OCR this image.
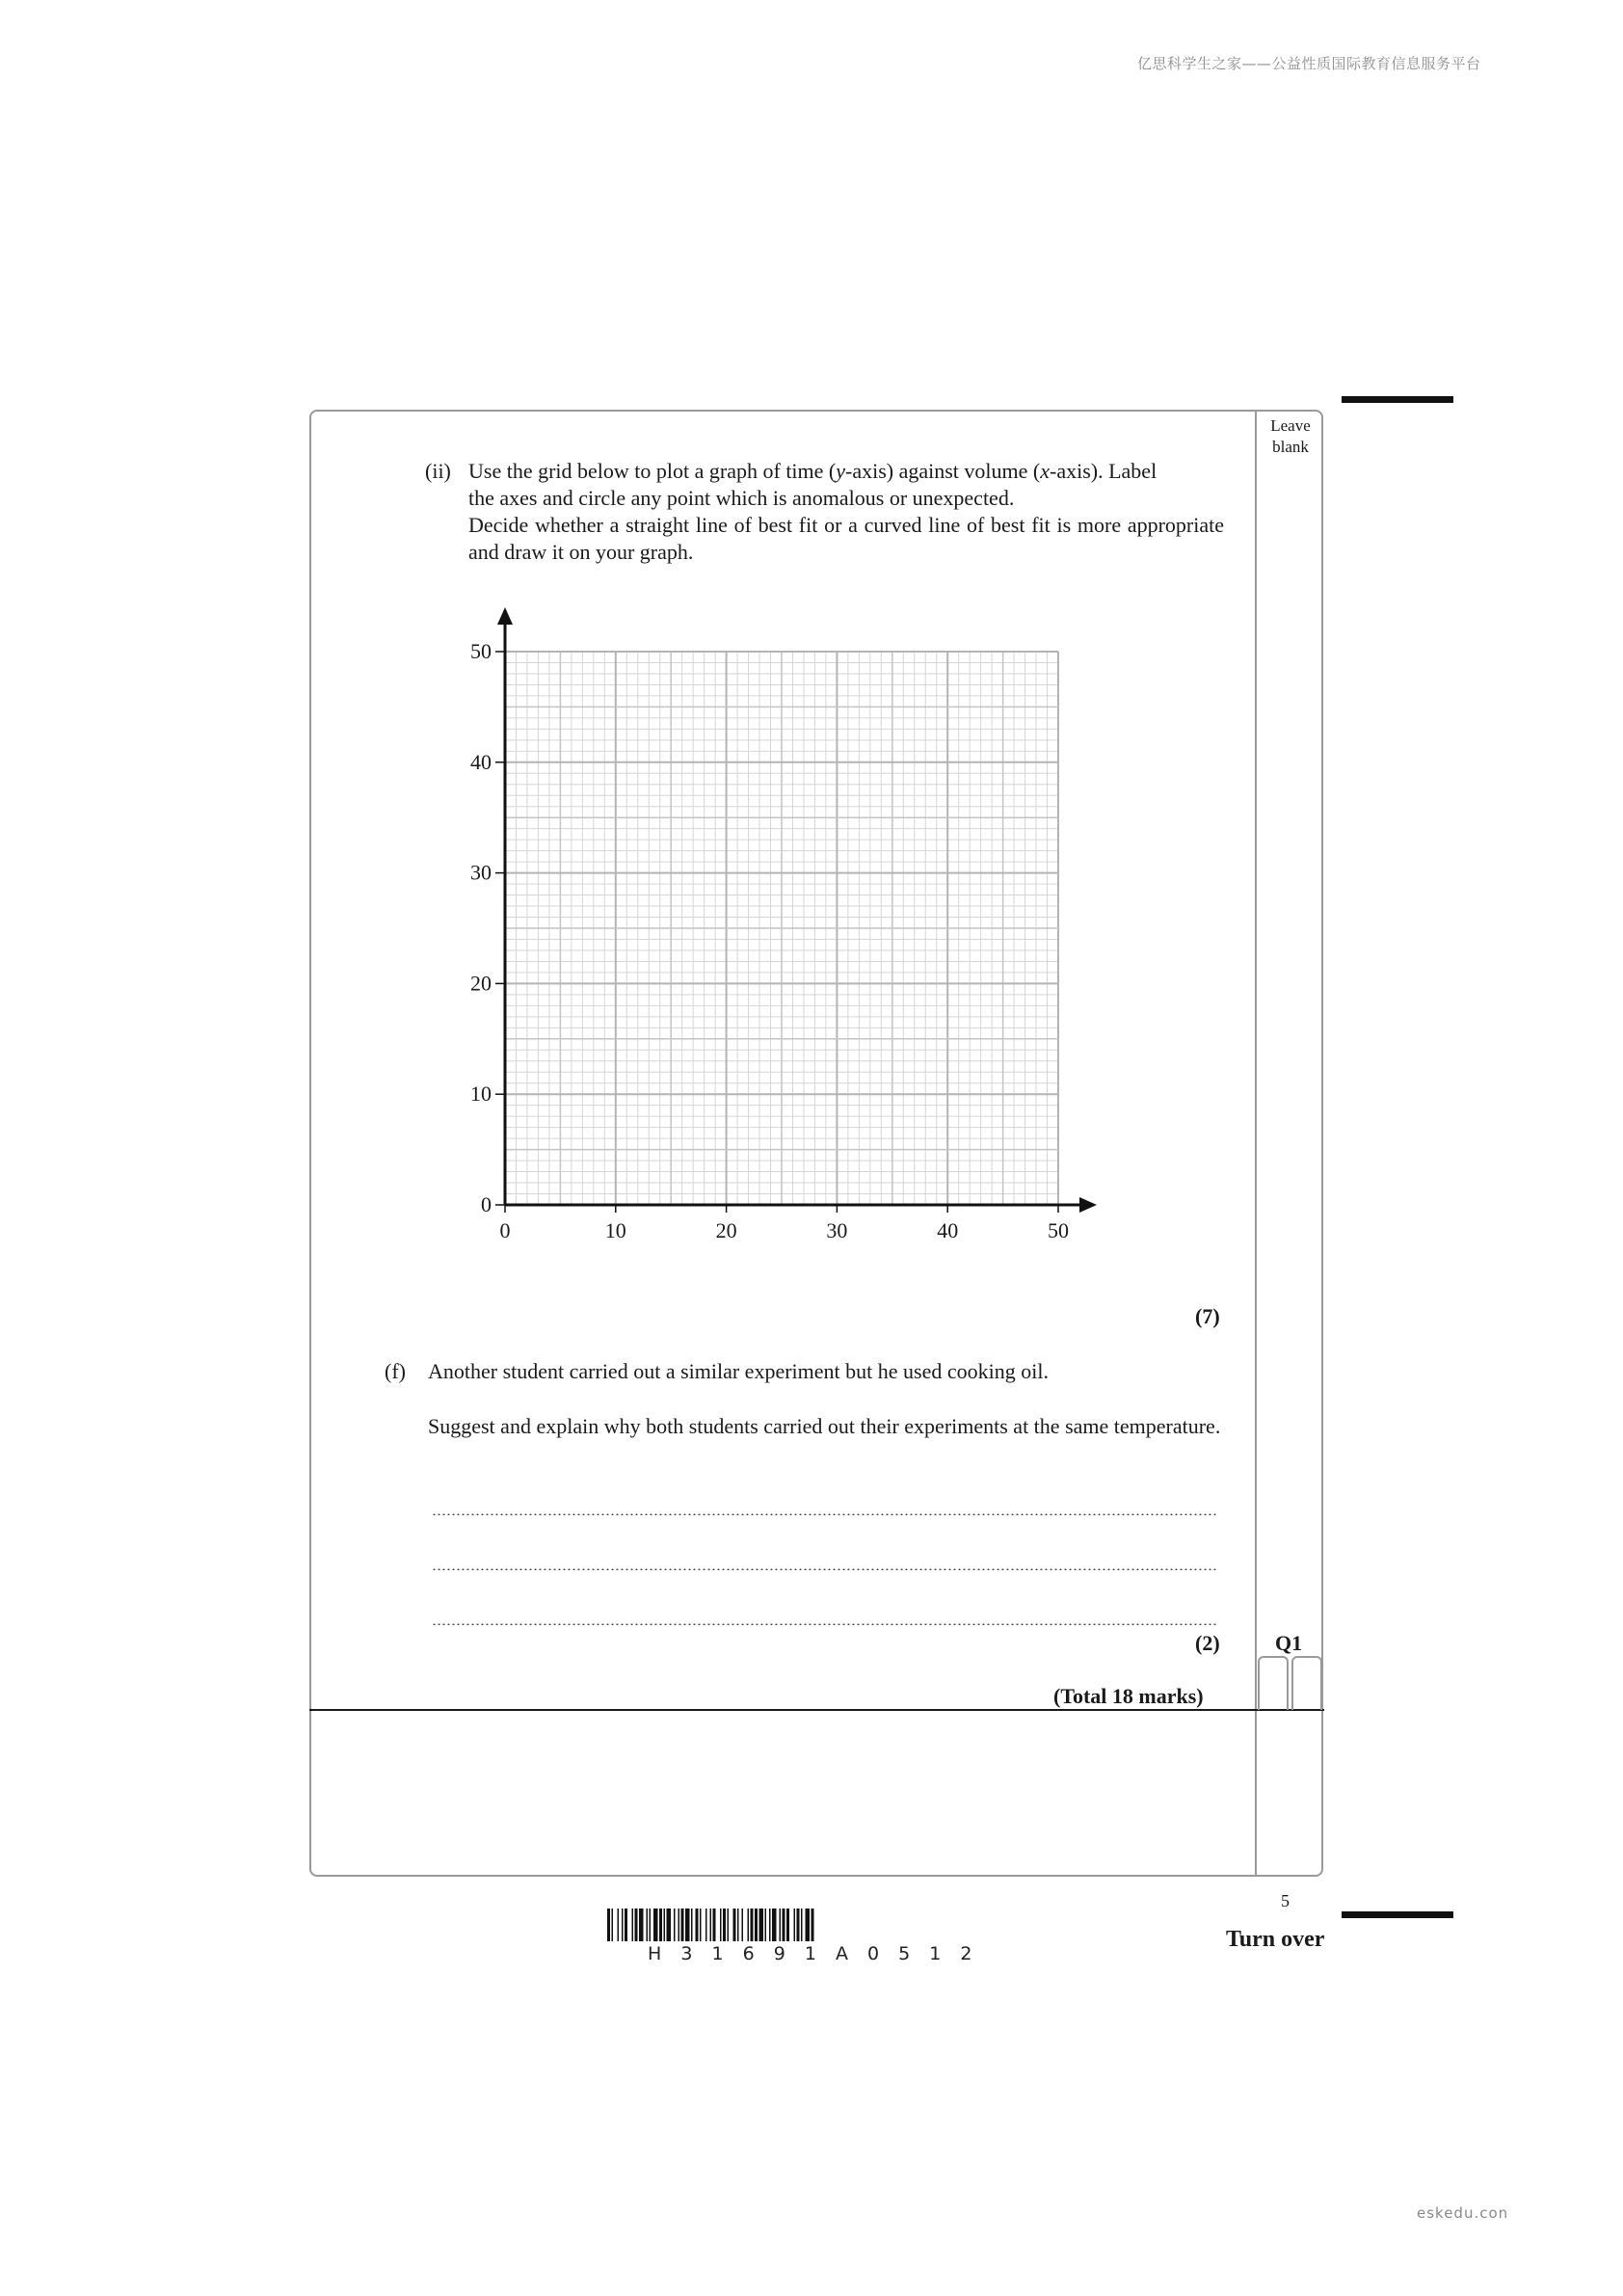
亿思科学生之家——公益性质国际教育信息服务平台
Leave
blank
(ii) Use the grid below to plot a graph of time (y-axis) against volume (x-axis). Label
the axes and circle any point which is anomalous or unexpected.
Decide whether a straight line of best fit or a curved line of best fit is more appropriate and draw it on your graph.
0
10
20
30
40
50
0	10	20	30	40	50
(7)
(f) Another student carried out a similar experiment but he used cooking oil.
Suggest and explain why both students carried out their experiments at the same temperature.
(2)
(Total 18 marks)
Q1
5
Turn over
H 3 1 6 9 1 A 0 5 1 2
eskedu.con
